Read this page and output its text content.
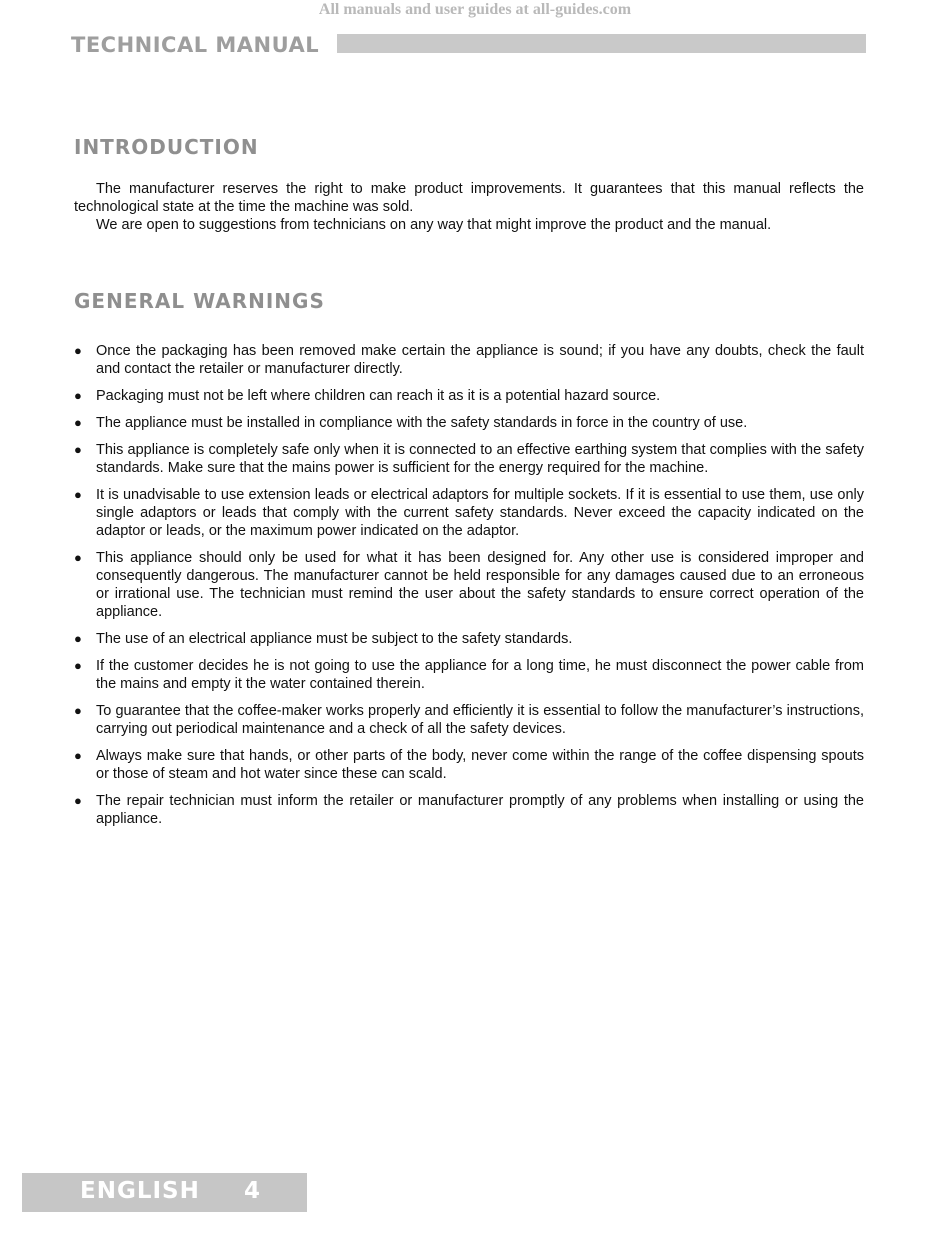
All manuals and user guides at all-guides.com
TECHNICAL MANUAL
INTRODUCTION

The manufacturer reserves the right to make product improvements. It guarantees that this manual reflects the technological state at the time the machine was sold.

We are open to suggestions from technicians on any way that might improve the product and the manual.

GENERAL WARNINGS
● Once the packaging has been removed make certain the appliance is sound; if you have any doubts, check the fault and contact the retailer or manufacturer directly.
● Packaging must not be left where children can reach it as it is a potential hazard source.
● The appliance must be installed in compliance with the safety standards in force in the country of use.
● This appliance is completely safe only when it is connected to an effective earthing system that complies with the safety standards. Make sure that the mains power is sufficient for the energy required for the machine.
● It is unadvisable to use extension leads or electrical adaptors for multiple sockets. If it is essential to use them, use only single adaptors or leads that comply with the current safety standards. Never exceed the capacity indicated on the adaptor or leads, or the maximum power indicated on the adaptor.
● This appliance should only be used for what it has been designed for. Any other use is considered improper and consequently dangerous. The manufacturer cannot be held responsible for any damages caused due to an erroneous or irrational use. The technician must remind the user about the safety standards to ensure correct operation of the appliance.
● The use of an electrical appliance must be subject to the safety standards.
● If the customer decides he is not going to use the appliance for a long time, he must disconnect the power cable from the mains and empty it the water contained therein.
● To guarantee that the coffee-maker works properly and efficiently it is essential to follow the manufacturer’s instructions, carrying out periodical maintenance and a check of all the safety devices.
● Always make sure that hands, or other parts of the body, never come within the range of the coffee dispensing spouts or those of steam and hot water since these can scald.
● The repair technician must inform the retailer or manufacturer promptly of any problems when installing or using the appliance.
ENGLISH 4
